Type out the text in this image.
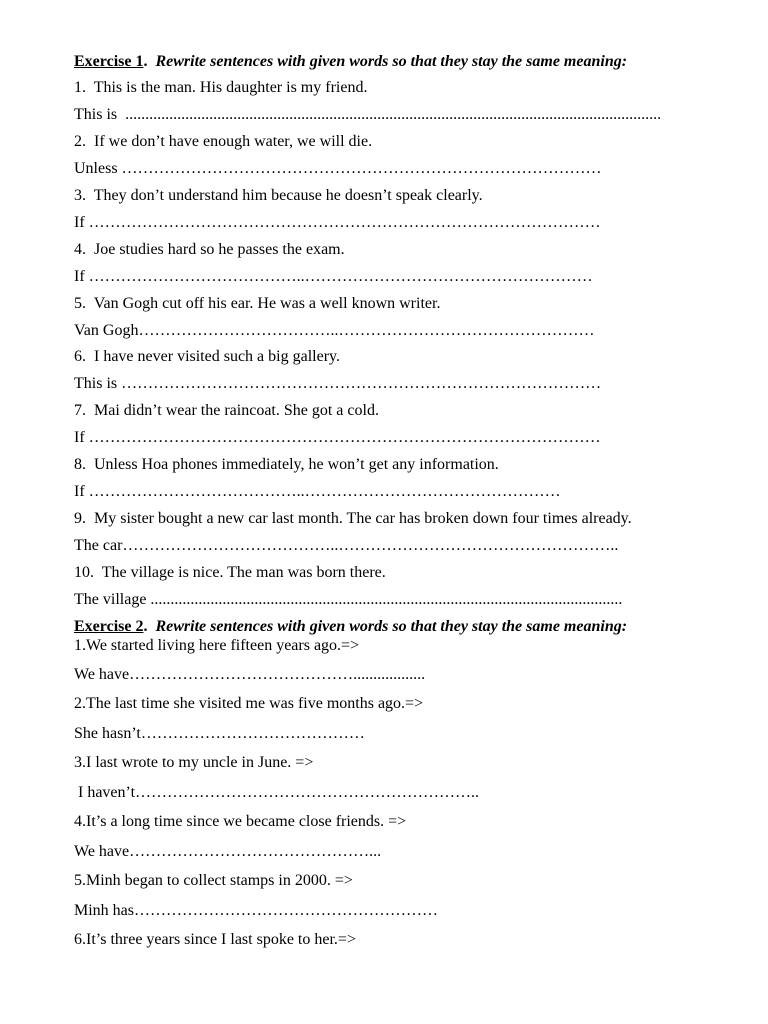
Exercise 1.  Rewrite sentences with given words so that they stay the same meaning:
1.  This is the man. His daughter is my friend.
This is  ......................................................................................................................................
2.  If we don’t have enough water, we will die.
Unless ………………………………………………………………………………
3.  They don’t understand him because he doesn’t speak clearly.
If ……………………………………………………………………………………
4.  Joe studies hard so he passes the exam.
If …………………………………..………………………………………………
5.  Van Gogh cut off his ear. He was a well known writer.
Van Gogh………………………………..…………………………………………
6.  I have never visited such a big gallery.
This is ………………………………………………………………………………
7.  Mai didn’t wear the raincoat. She got a cold.
If ……………………………………………………………………………………
8.  Unless Hoa phones immediately, he won’t get any information.
If …………………………………..…………………………………………
9.  My sister bought a new car last month. The car has broken down four times already.
The car…………………………………..……………………………………………..
10.  The village is nice. The man was born there.
The village ......................................................................................................................
Exercise 2.  Rewrite sentences with given words so that they stay the same meaning:
1.We started living here fifteen years ago.=>
We have……………………………………..................
2.The last time she visited me was five months ago.=>
She hasn’t……………………………………
3.I last wrote to my uncle in June. =>
I haven’t………………………………………………………..
4.It’s a long time since we became close friends. =>
We have………………………………………...
5.Minh began to collect stamps in 2000. =>
Minh has…………………………………………………
6.It’s three years since I last spoke to her.=>
